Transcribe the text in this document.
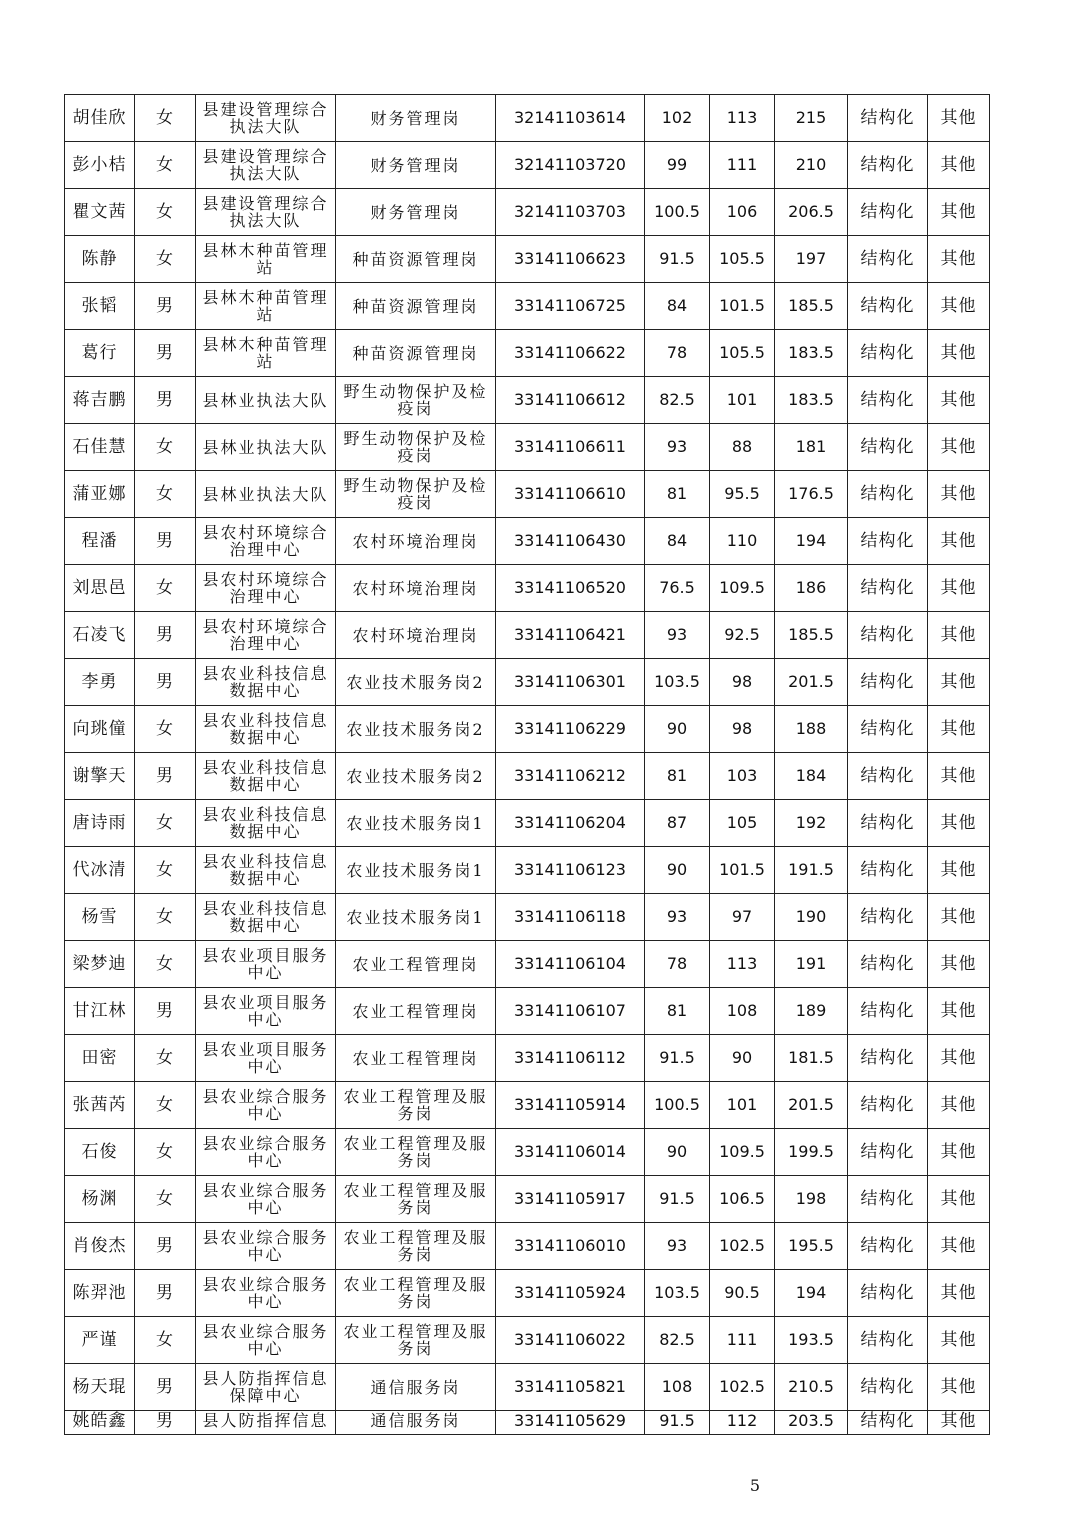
胡佳欣	女	县建设管理综合执法大队	财务管理岗	32141103614	102	113	215	结构化	其他
彭小桔	女	县建设管理综合执法大队	财务管理岗	32141103720	99	111	210	结构化	其他
瞿文茜	女	县建设管理综合执法大队	财务管理岗	32141103703	100.5	106	206.5	结构化	其他
陈静	女	县林木种苗管理站	种苗资源管理岗	33141106623	91.5	105.5	197	结构化	其他
张韬	男	县林木种苗管理站	种苗资源管理岗	33141106725	84	101.5	185.5	结构化	其他
葛行	男	县林木种苗管理站	种苗资源管理岗	33141106622	78	105.5	183.5	结构化	其他
蒋吉鹏	男	县林业执法大队	野生动物保护及检疫岗	33141106612	82.5	101	183.5	结构化	其他
石佳慧	女	县林业执法大队	野生动物保护及检疫岗	33141106611	93	88	181	结构化	其他
蒲亚娜	女	县林业执法大队	野生动物保护及检疫岗	33141106610	81	95.5	176.5	结构化	其他
程潘	男	县农村环境综合治理中心	农村环境治理岗	33141106430	84	110	194	结构化	其他
刘思邑	女	县农村环境综合治理中心	农村环境治理岗	33141106520	76.5	109.5	186	结构化	其他
石凌飞	男	县农村环境综合治理中心	农村环境治理岗	33141106421	93	92.5	185.5	结构化	其他
李勇	男	县农业科技信息数据中心	农业技术服务岗2	33141106301	103.5	98	201.5	结构化	其他
向珧僮	女	县农业科技信息数据中心	农业技术服务岗2	33141106229	90	98	188	结构化	其他
谢擎天	男	县农业科技信息数据中心	农业技术服务岗2	33141106212	81	103	184	结构化	其他
唐诗雨	女	县农业科技信息数据中心	农业技术服务岗1	33141106204	87	105	192	结构化	其他
代冰清	女	县农业科技信息数据中心	农业技术服务岗1	33141106123	90	101.5	191.5	结构化	其他
杨雪	女	县农业科技信息数据中心	农业技术服务岗1	33141106118	93	97	190	结构化	其他
梁梦迪	女	县农业项目服务中心	农业工程管理岗	33141106104	78	113	191	结构化	其他
甘江林	男	县农业项目服务中心	农业工程管理岗	33141106107	81	108	189	结构化	其他
田密	女	县农业项目服务中心	农业工程管理岗	33141106112	91.5	90	181.5	结构化	其他
张茜芮	女	县农业综合服务中心	农业工程管理及服务岗	33141105914	100.5	101	201.5	结构化	其他
石俊	女	县农业综合服务中心	农业工程管理及服务岗	33141106014	90	109.5	199.5	结构化	其他
杨渊	女	县农业综合服务中心	农业工程管理及服务岗	33141105917	91.5	106.5	198	结构化	其他
肖俊杰	男	县农业综合服务中心	农业工程管理及服务岗	33141106010	93	102.5	195.5	结构化	其他
陈羿池	男	县农业综合服务中心	农业工程管理及服务岗	33141105924	103.5	90.5	194	结构化	其他
严谨	女	县农业综合服务中心	农业工程管理及服务岗	33141106022	82.5	111	193.5	结构化	其他
杨天琨	男	县人防指挥信息保障中心	通信服务岗	33141105821	108	102.5	210.5	结构化	其他
姚皓鑫	男	县人防指挥信息	通信服务岗	33141105629	91.5	112	203.5	结构化	其他
5
